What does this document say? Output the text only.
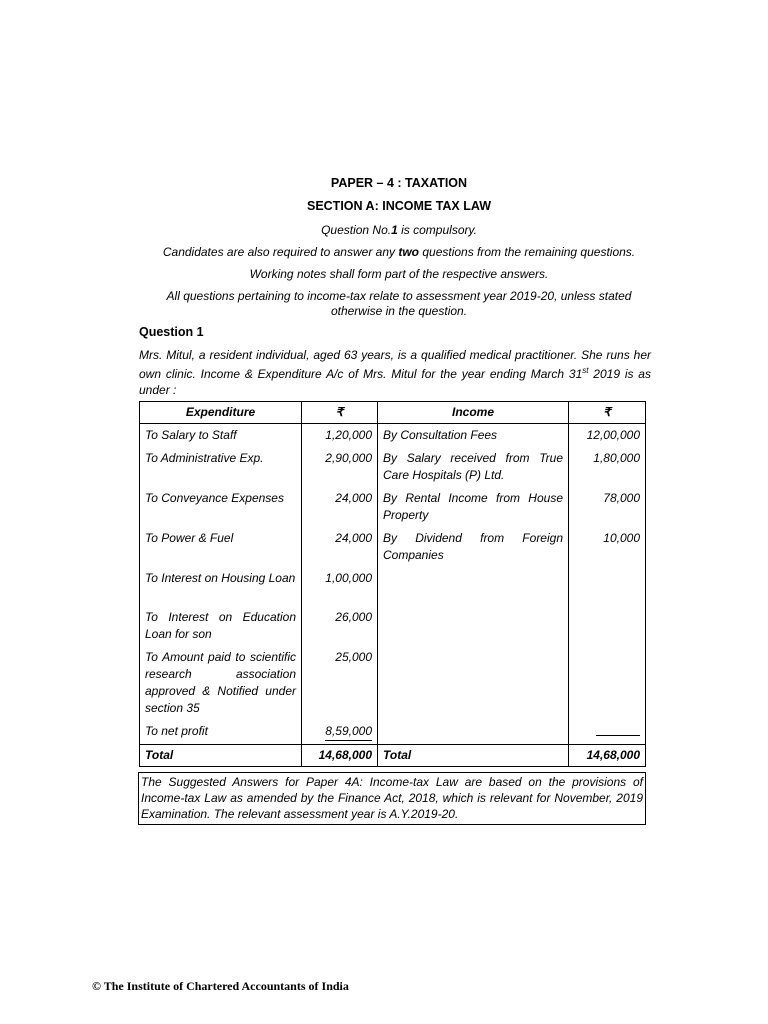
PAPER – 4 : TAXATION
SECTION A: INCOME TAX LAW
Question No.1 is compulsory.
Candidates are also required to answer any two questions from the remaining questions.
Working notes shall form part of the respective answers.
All questions pertaining to income-tax relate to assessment year 2019-20, unless stated otherwise in the question.
Question 1
Mrs. Mitul, a resident individual, aged 63 years, is a qualified medical practitioner. She runs her own clinic. Income & Expenditure A/c of Mrs. Mitul for the year ending March 31st 2019 is as under :
Expenditure	₹	Income	₹
To Salary to Staff	1,20,000	By Consultation Fees	12,00,000
To Administrative Exp.	2,90,000	By Salary received from True Care Hospitals (P) Ltd.	1,80,000
To Conveyance Expenses	24,000	By Rental Income from House Property	78,000
To Power & Fuel	24,000	By Dividend from Foreign Companies	10,000
To Interest on Housing Loan	1,00,000		
To Interest on Education Loan for son	26,000		
To Amount paid to scientific research association approved & Notified under section 35	25,000		
To net profit	8,59,000		
Total	14,68,000	Total	14,68,000
The Suggested Answers for Paper 4A: Income-tax Law are based on the provisions of Income-tax Law as amended by the Finance Act, 2018, which is relevant for November, 2019 Examination. The relevant assessment year is A.Y.2019-20.
© The Institute of Chartered Accountants of India
